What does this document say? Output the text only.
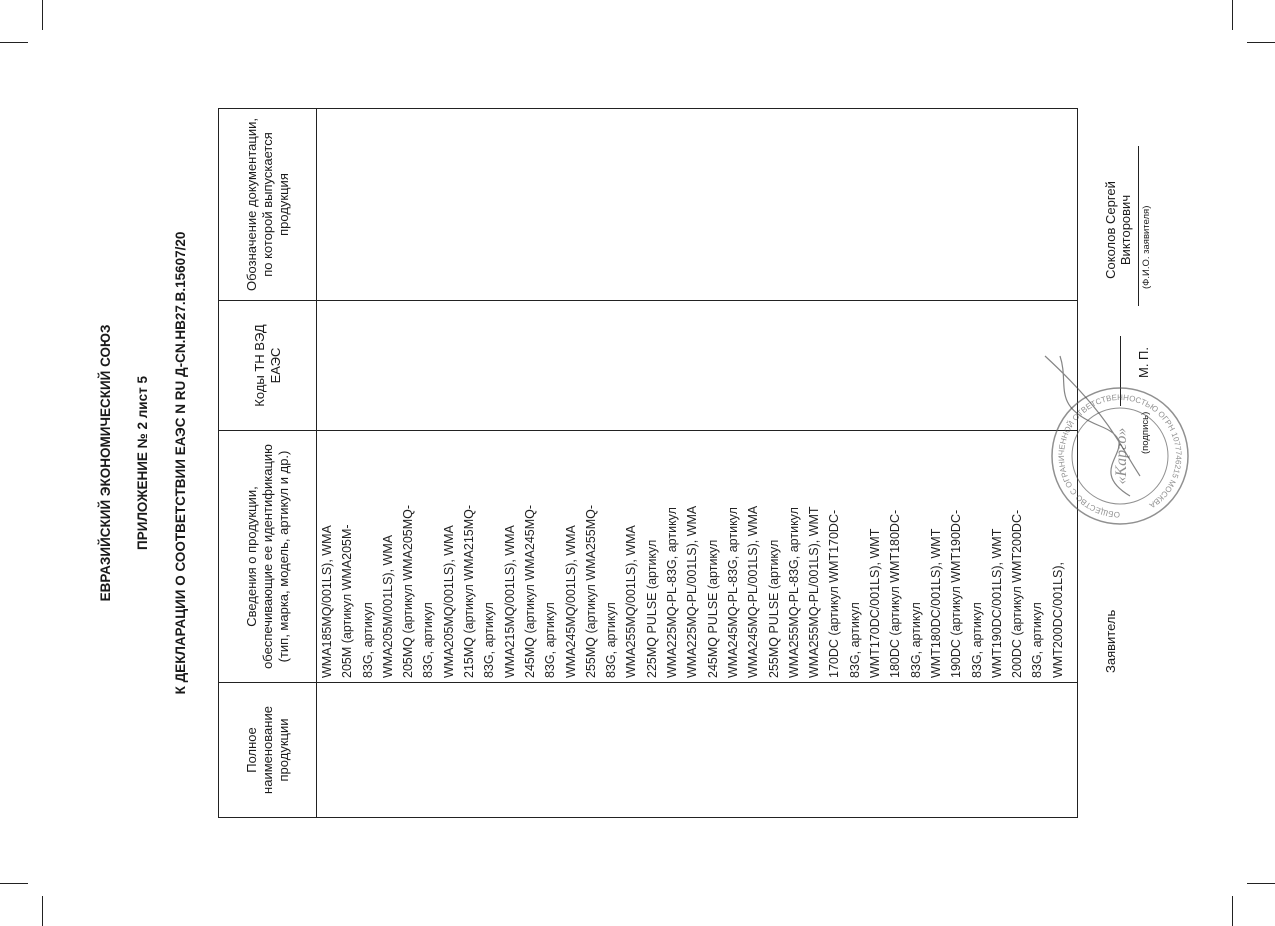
ЕВРАЗИЙСКИЙ ЭКОНОМИЧЕСКИЙ СОЮЗ ПРИЛОЖЕНИЕ № 2 лист 5 К ДЕКЛАРАЦИИ О СООТВЕТСТВИИ ЕАЭС N RU Д-CN.НВ27.В.15607/20
Полное наименование продукции
Сведения о продукции, обеспечивающие ее идентификацию (тип, марка, модель, артикул и др.)	WMA185MQ/001LS), WMA 205M (артикул WMA205M- 83G, артикул WMA205M/001LS), WMA 205MQ (артикул WMA205MQ- 83G, артикул WMA205MQ/001LS), WMA 215MQ (артикул WMA215MQ- 83G, артикул WMA215MQ/001LS), WMA 245MQ (артикул WMA245MQ- 83G, артикул WMA245MQ/001LS), WMA 255MQ (артикул WMA255MQ- 83G, артикул WMA255MQ/001LS), WMA 225MQ PULSE (артикул WMA225MQ-PL-83G, артикул WMA225MQ-PL/001LS), WMA 245MQ PULSE (артикул WMA245MQ-PL-83G, артикул WMA245MQ-PL/001LS), WMA 255MQ PULSE (артикул WMA255MQ-PL-83G, артикул WMA255MQ-PL/001LS), WMT 170DC (артикул WMT170DC- 83G, артикул WMT170DC/001LS), WMT 180DC (артикул WMT180DC- 83G, артикул WMT180DC/001LS), WMT 190DC (артикул WMT190DC- 83G, артикул WMT190DC/001LS), WMT 200DC (артикул WMT200DC- 83G, артикул WMT200DC/001LS),
Коды ТН ВЭД ЕАЭС
Обозначение документации, по которой выпускается продукция
Заявитель
(подпись)
М. П.
Соколов Сергей Викторович (Ф.И.О. заявителя)
ОБЩЕСТВО С ОГРАНИЧЕННОЙ ОТВЕТСТВЕННОСТЬЮ ОГРН 1077746215 МОСКВА
«Карго»
